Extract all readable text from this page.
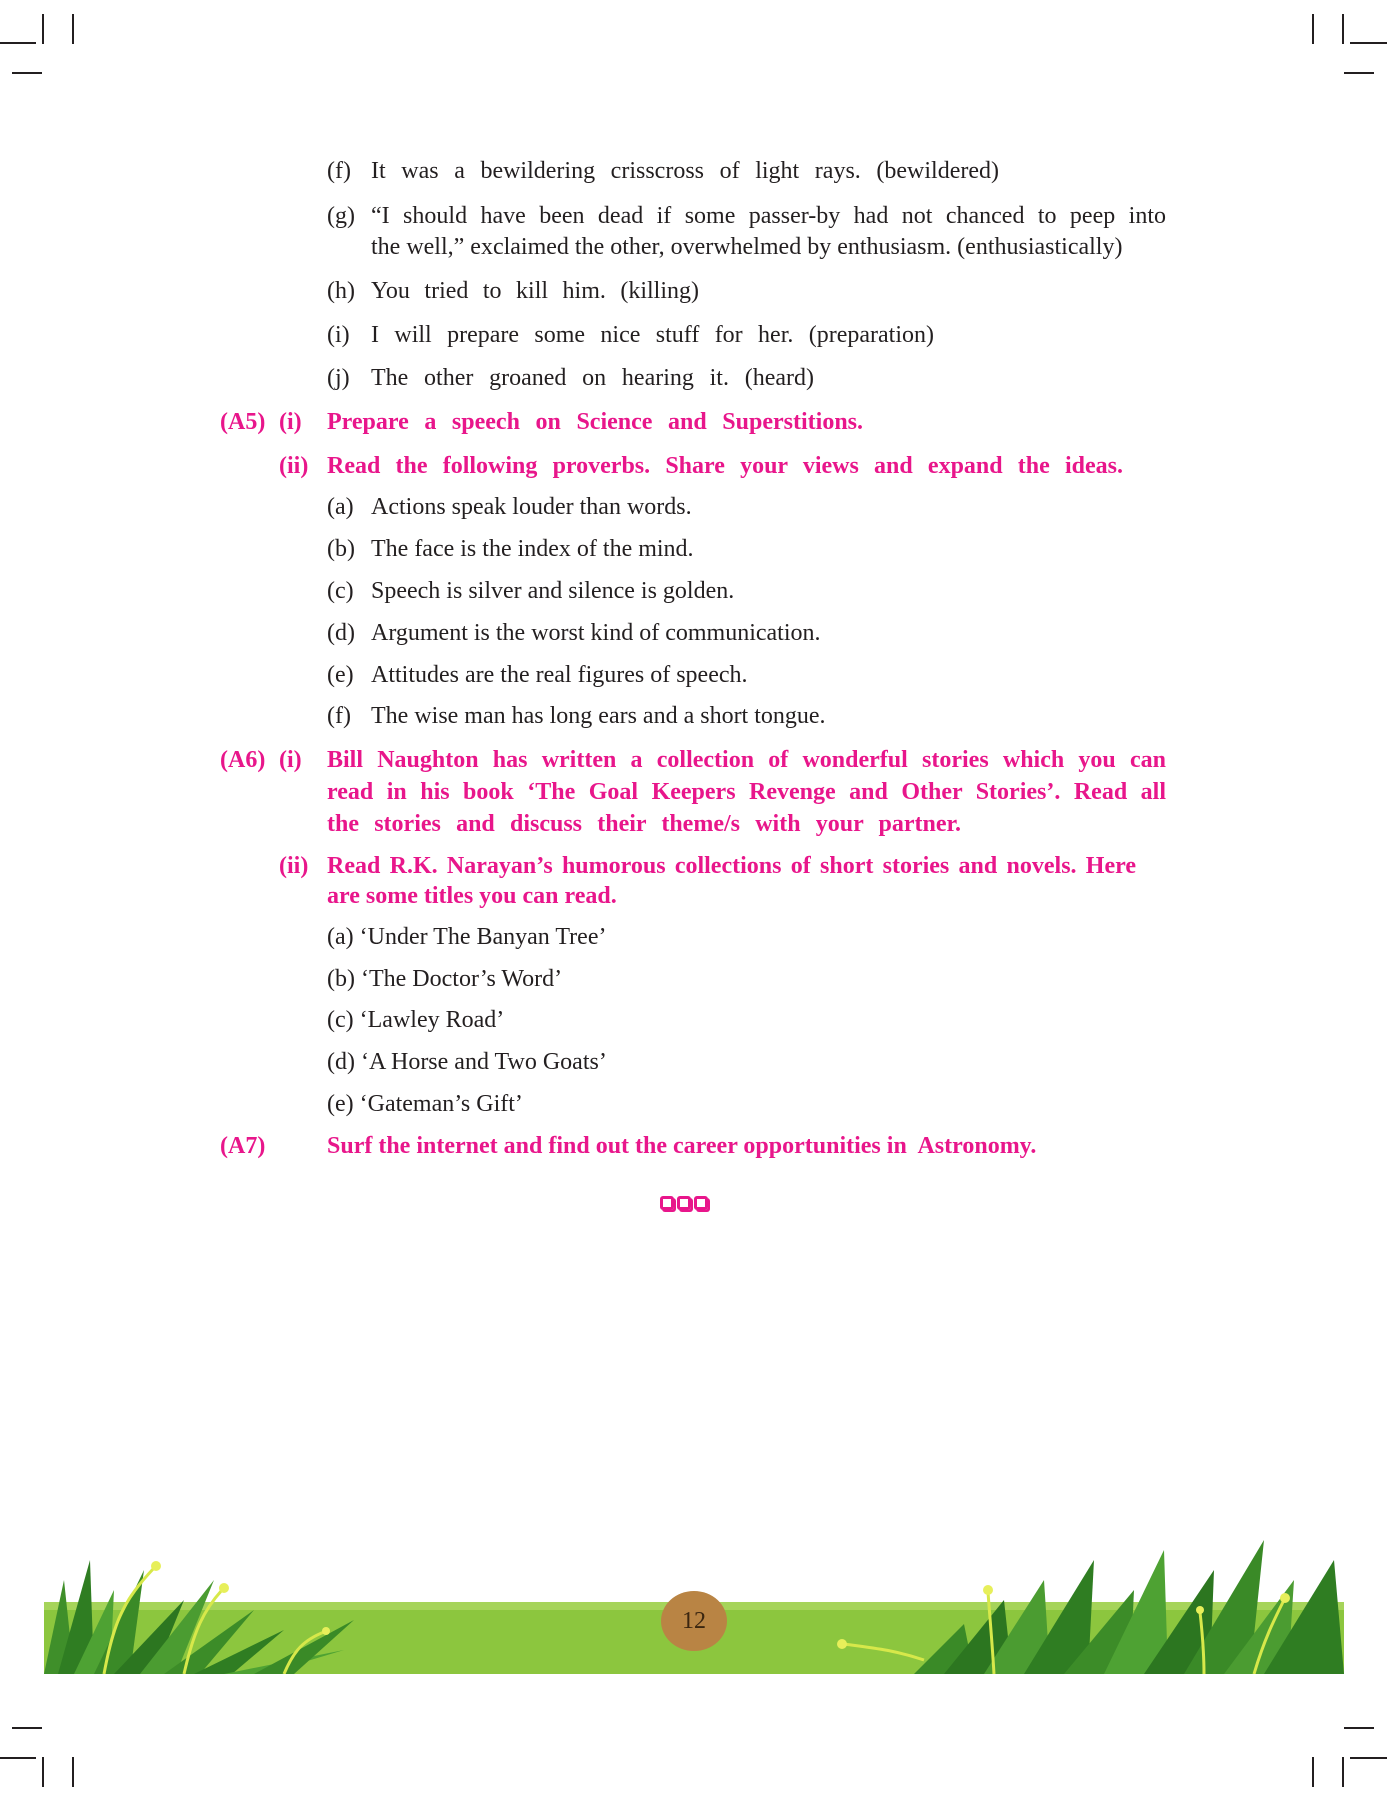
(f) It was a bewildering crisscross of light rays. (bewildered)
(g) “I should have been dead if some passer-by had not chanced to peep into
the well,” exclaimed the other, overwhelmed by enthusiasm. (enthusiastically)
(h) You tried to kill him. (killing)
(i) I will prepare some nice stuff for her. (preparation)
(j) The other groaned on hearing it. (heard)
(A5) (i) Prepare a speech on Science and Superstitions.
(ii) Read the following proverbs. Share your views and expand the ideas.
(a) Actions speak louder than words.
(b) The face is the index of the mind.
(c) Speech is silver and silence is golden.
(d) Argument is the worst kind of communication.
(e) Attitudes are the real figures of speech.
(f) The wise man has long ears and a short tongue.
(A6) (i) Bill Naughton has written a collection of wonderful stories which you can
read in his book ‘The Goal Keepers Revenge and Other Stories’. Read all
the stories and discuss their theme/s with your partner.
(ii) Read R.K. Narayan’s humorous collections of short stories and novels. Here
are some titles you can read.
(a) ‘Under The Banyan Tree’
(b) ‘The Doctor’s Word’
(c) ‘Lawley Road’
(d) ‘A Horse and Two Goats’
(e) ‘Gateman’s Gift’
(A7)	Surf the internet and find out the career opportunities in  Astronomy.
12
